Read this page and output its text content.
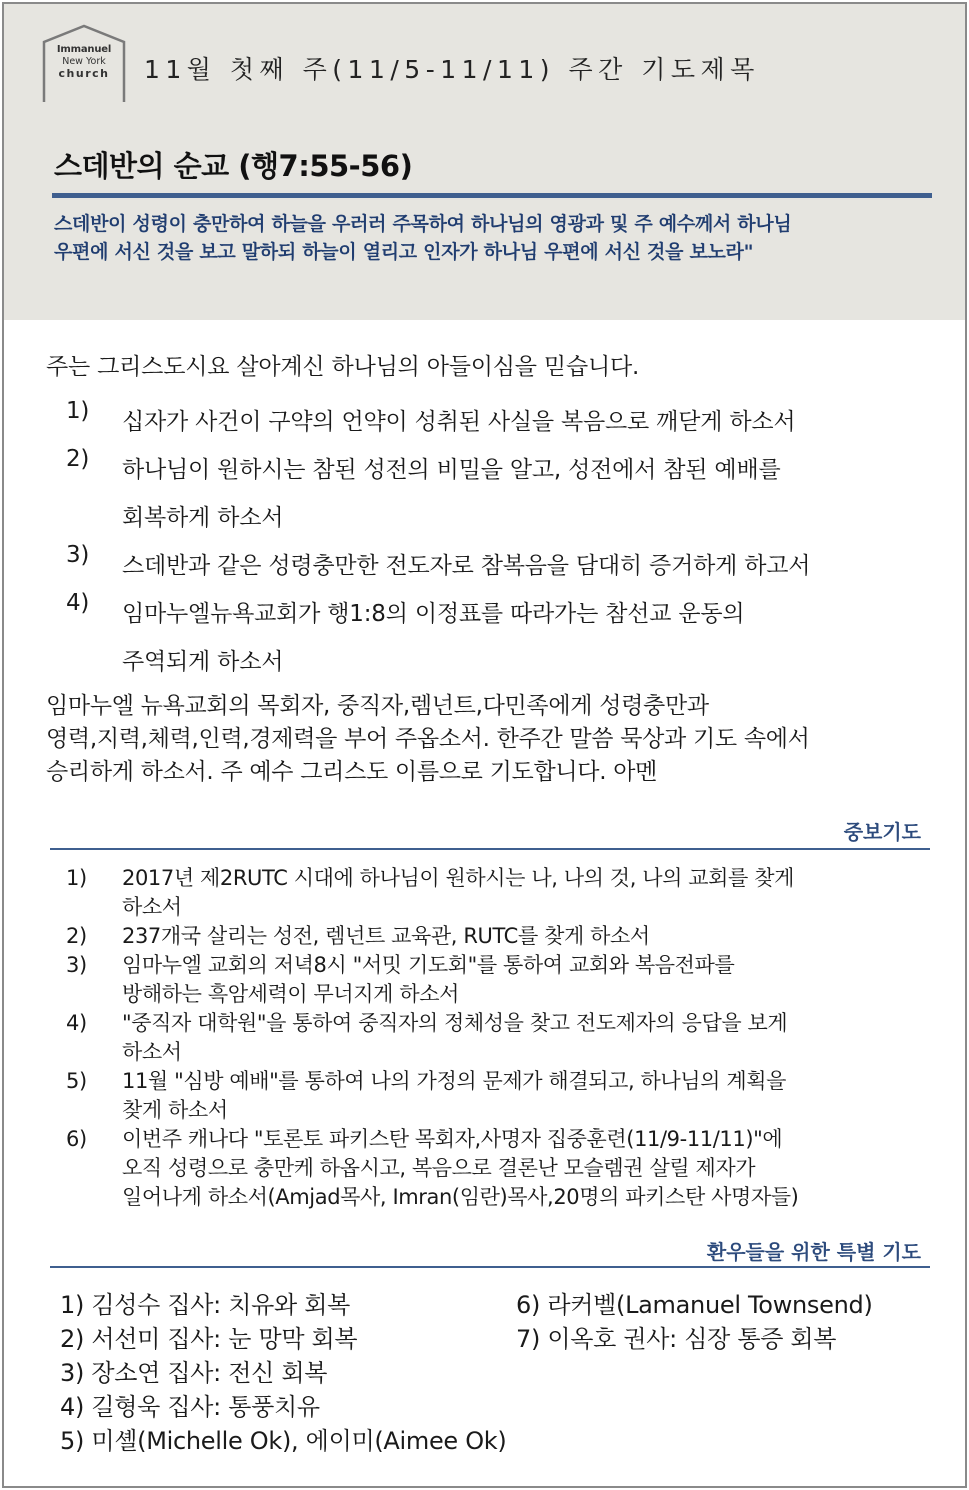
Immanuel
New York
church	11월 첫째 주(11/5-11/11) 주간 기도제목
스데반의 순교 (행7:55-56)
스데반이 성령이 충만하여 하늘을 우러러 주목하여 하나님의 영광과 및 주 예수께서 하나님
우편에 서신 것을 보고 말하되 하늘이 열리고 인자가 하나님 우편에 서신 것을 보노라"
주는 그리스도시요 살아계신 하나님의 아들이심을 믿습니다.
1) 십자가 사건이 구약의 언약이 성취된 사실을 복음으로 깨닫게 하소서
2) 하나님이 원하시는 참된 성전의 비밀을 알고, 성전에서 참된 예배를
회복하게 하소서
3) 스데반과 같은 성령충만한 전도자로 참복음을 담대히 증거하게 하고서
4) 임마누엘뉴욕교회가 행1:8의 이정표를 따라가는 참선교 운동의
주역되게 하소서
임마누엘 뉴욕교회의 목회자, 중직자,렘넌트,다민족에게 성령충만과
영력,지력,체력,인력,경제력을 부어 주옵소서. 한주간 말씀 묵상과 기도 속에서
승리하게 하소서. 주 예수 그리스도 이름으로 기도합니다. 아멘
중보기도
1) 2017년 제2RUTC 시대에 하나님이 원하시는 나, 나의 것, 나의 교회를 찾게
하소서
2) 237개국 살리는 성전, 렘넌트 교육관, RUTC를 찾게 하소서
3) 임마누엘 교회의 저녁8시 "서밋 기도회"를 통하여 교회와 복음전파를
방해하는 흑암세력이 무너지게 하소서
4) "중직자 대학원"을 통하여 중직자의 정체성을 찾고 전도제자의 응답을 보게
하소서
5) 11월 "심방 예배"를 통하여 나의 가정의 문제가 해결되고, 하나님의 계획을
찾게 하소서
6) 이번주 캐나다 "토론토 파키스탄 목회자,사명자 집중훈련(11/9-11/11)"에
오직 성령으로 충만케 하옵시고, 복음으로 결론난 모슬렘권 살릴 제자가
일어나게 하소서(Amjad목사, Imran(임란)목사,20명의 파키스탄 사명자들)
환우들을 위한 특별 기도
1) 김성수 집사: 치유와 회복
2) 서선미 집사: 눈 망막 회복
3) 장소연 집사: 전신 회복
4) 길형욱 집사: 통풍치유
5) 미셸(Michelle Ok), 에이미(Aimee Ok)
6) 라커벨(Lamanuel Townsend)
7) 이옥호 권사: 심장 통증 회복
